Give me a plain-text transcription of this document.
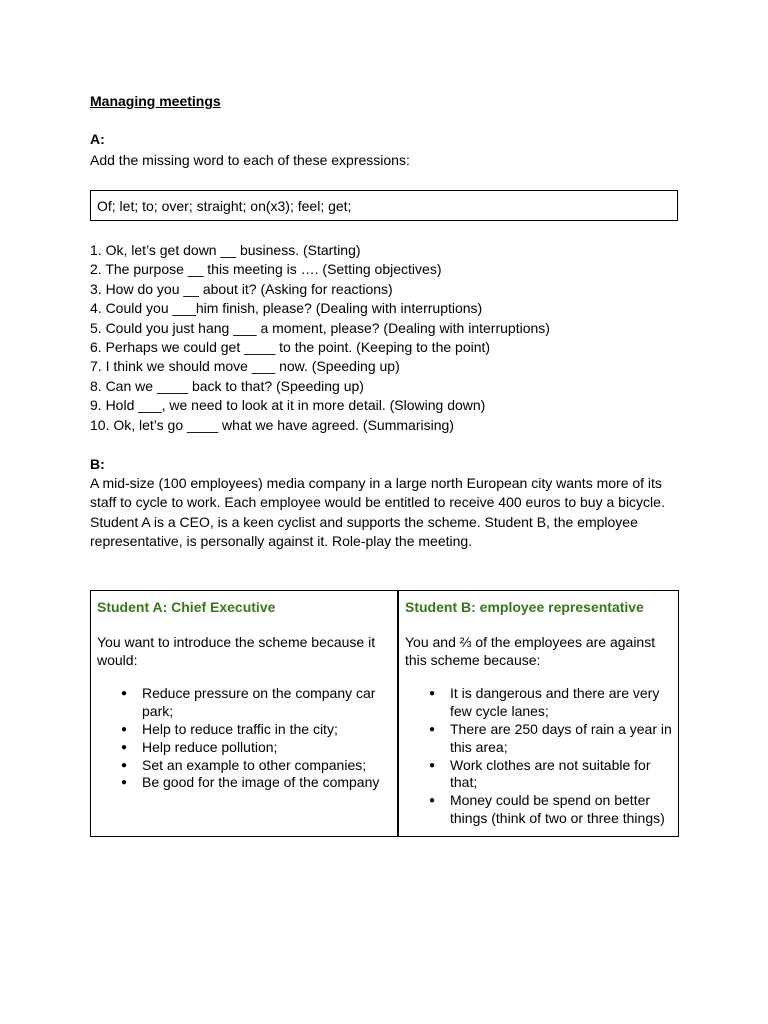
Managing meetings
A:
Add the missing word to each of these expressions:
Of; let; to; over; straight; on(x3); feel; get;
1. Ok, let’s get down __ business. (Starting)
2. The purpose __ this meeting is …. (Setting objectives)
3. How do you __ about it? (Asking for reactions)
4. Could you ___him finish, please? (Dealing with interruptions)
5. Could you just hang ___ a moment, please? (Dealing with interruptions)
6. Perhaps we could get ____ to the point. (Keeping to the point)
7. I think we should move ___ now. (Speeding up)
8. Can we ____ back to that? (Speeding up)
9. Hold ___, we need to look at it in more detail. (Slowing down)
10. Ok, let’s go ____ what we have agreed. (Summarising)
B:
A mid-size (100 employees) media company in a large north European city wants more of its
staff to cycle to work. Each employee would be entitled to receive 400 euros to buy a bicycle.
Student A is a CEO, is a keen cyclist and supports the scheme. Student B, the employee
representative, is personally against it. Role-play the meeting.
Student A: Chief Executive
You want to introduce the scheme because it would:
● Reduce pressure on the company car park;
● Help to reduce traffic in the city;
● Help reduce pollution;
● Set an example to other companies;
● Be good for the image of the company

Student B: employee representative
You and ⅔ of the employees are against this scheme because:
● It is dangerous and there are very few cycle lanes;
● There are 250 days of rain a year in this area;
● Work clothes are not suitable for that;
● Money could be spend on better things (think of two or three things)
